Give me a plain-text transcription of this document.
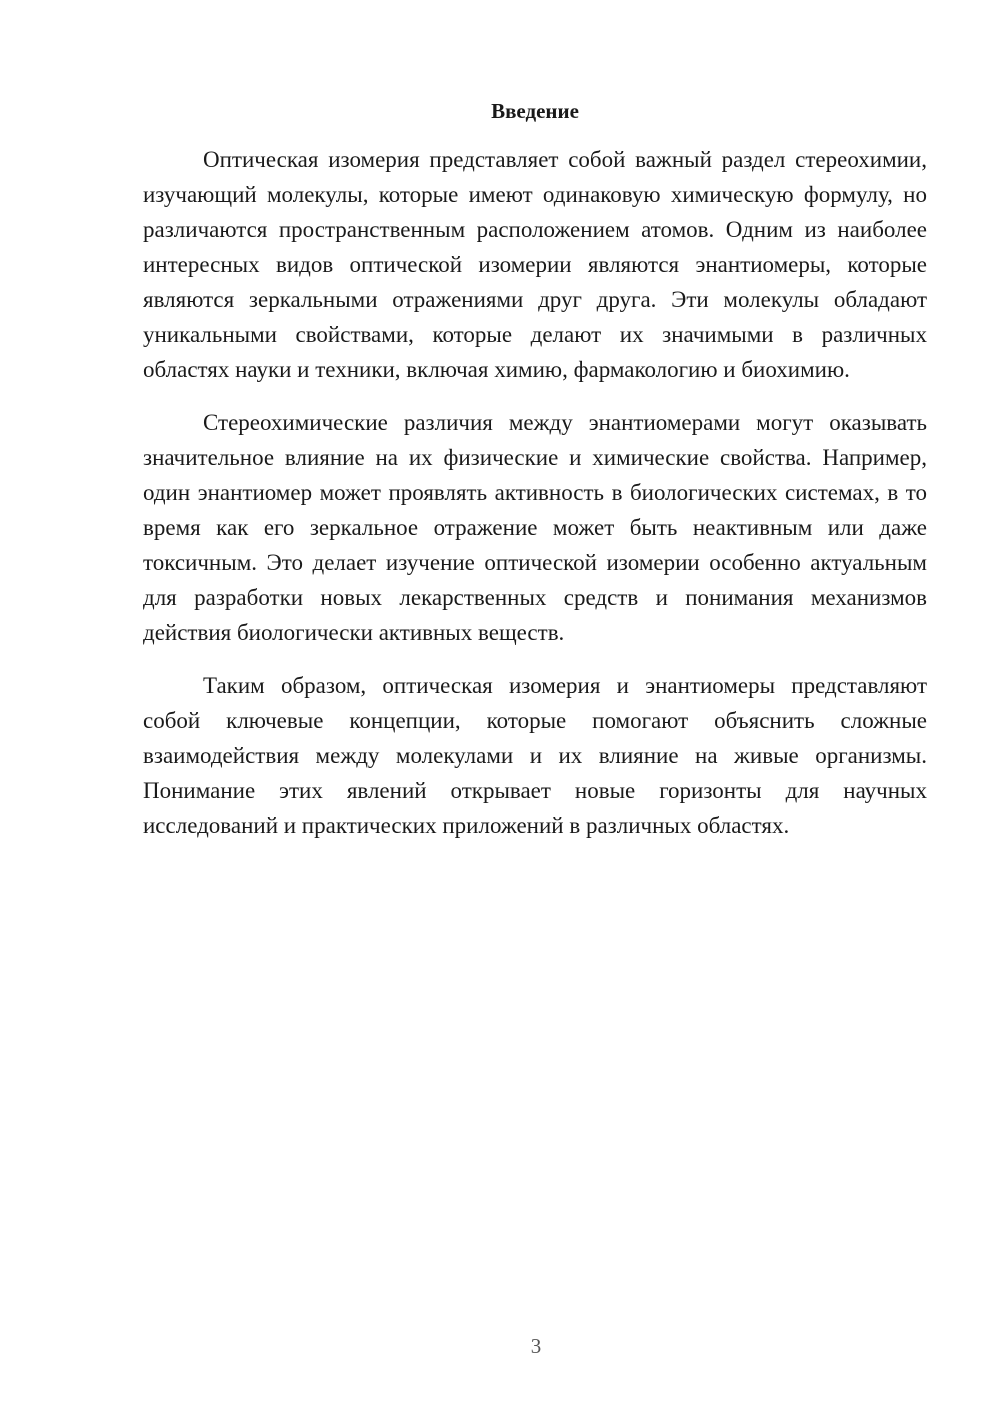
Введение

Оптическая изомерия представляет собой важный раздел стереохимии, изучающий молекулы, которые имеют одинаковую химическую формулу, но различаются пространственным расположением атомов. Одним из наиболее интересных видов оптической изомерии являются энантиомеры, которые являются зеркальными отражениями друг друга. Эти молекулы обладают уникальными свойствами, которые делают их значимыми в различных областях науки и техники, включая химию, фармакологию и биохимию.

Стереохимические различия между энантиомерами могут оказывать значительное влияние на их физические и химические свойства. Например, один энантиомер может проявлять активность в биологических системах, в то время как его зеркальное отражение может быть неактивным или даже токсичным. Это делает изучение оптической изомерии особенно актуальным для разработки новых лекарственных средств и понимания механизмов действия биологически активных веществ.

Таким образом, оптическая изомерия и энантиомеры представляют собой ключевые концепции, которые помогают объяснить сложные взаимодействия между молекулами и их влияние на живые организмы. Понимание этих явлений открывает новые горизонты для научных исследований и практических приложений в различных областях.

3
